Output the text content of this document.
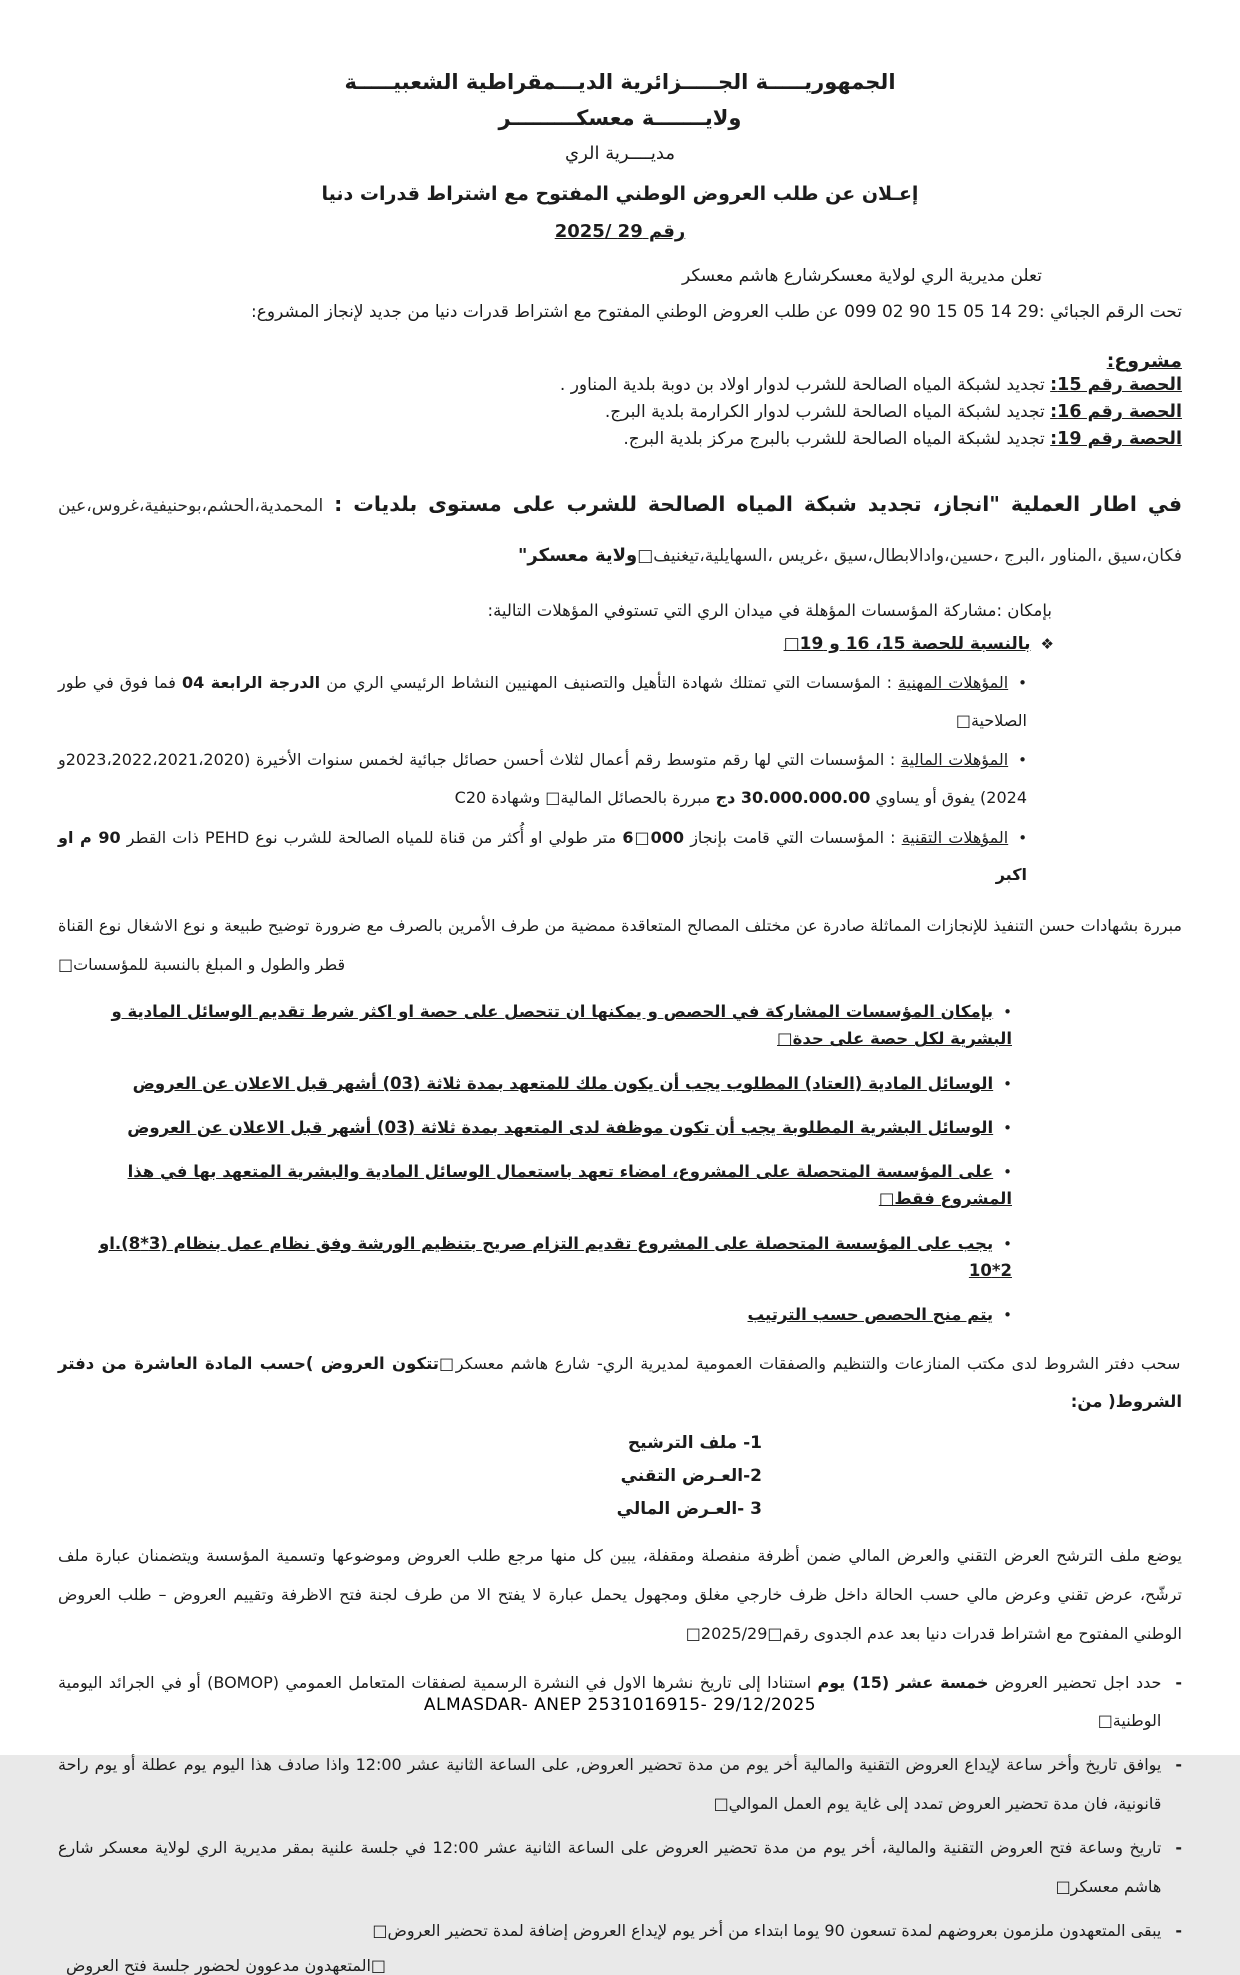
الجمهوريـــــة الجـــــزائرية الديـــمقراطية الشعبيـــــة
ولايـــــــة معسكـــــــــر
مديــــرية الري
إعـلان عن طلب العروض الوطني المفتوح مع اشتراط قدرات دنيا
رقم 29 /2025
تعلن مديرية الري لولاية معسكرشارع هاشم معسكر
تحت الرقم الجبائي :29 14 05 15 90 02 099 عن طلب العروض الوطني المفتوح مع اشتراط قدرات دنيا من جديد لإنجاز المشروع:
مشروع:
الحصة رقم 15: تجديد لشبكة المياه الصالحة للشرب لدوار اولاد بن دوبة بلدية المناور .
الحصة رقم 16: تجديد لشبكة المياه الصالحة للشرب لدوار الكرارمة بلدية البرج.
الحصة رقم 19: تجديد لشبكة المياه الصالحة للشرب بالبرج مركز بلدية البرج.

في اطار العملية "انجاز، تجديد شبكة المياه الصالحة للشرب على مستوى بلديات : المحمدية،الحشم،بوحنيفية،غروس،عين فكان،سيق ،المناور ،البرج ،حسين،وادالابطال،سيق ،غريس ،السهايلية،تيغنيف□ولاية معسكر"

بإمكان :مشاركة المؤسسات المؤهلة في ميدان الري التي تستوفي المؤهلات التالية:
❖بالنسبة للحصة 15، 16 و 19□
•المؤهلات المهنية : المؤسسات التي تمتلك شهادة التأهيل والتصنيف المهنيين النشاط الرئيسي الري من الدرجة الرابعة 04 فما فوق في طور الصلاحية□
•المؤهلات المالية : المؤسسات التي لها رقم متوسط رقم أعمال لثلاث أحسن حصائل جبائية لخمس سنوات الأخيرة (2023،2022،2021،2020و 2024) يفوق أو يساوي 30.000.000.00 دج مبررة بالحصائل المالية□ وشهادة C20
•المؤهلات التقنية : المؤسسات التي قامت بإنجاز 6‎□‎000 متر طولي او أُكثر من قناة للمياه الصالحة للشرب نوع PEHD ذات القطر 90 م او اكبر

مبررة بشهادات حسن التنفيذ للإنجازات المماثلة صادرة عن مختلف المصالح المتعاقدة ممضية من طرف الأمرين بالصرف مع ضرورة توضيح طبيعة و نوع الاشغال نوع القناة قطر والطول و المبلغ بالنسبة للمؤسسات□

•بإمكان المؤسسات المشاركة في الحصص و يمكنها ان تتحصل على حصة او اكثر شرط تقديم الوسائل المادية و البشرية لكل حصة على حدة□
•الوسائل المادية (العتاد) المطلوب يجب أن يكون ملك للمتعهد بمدة ثلاثة (03) أشهر قبل الاعلان عن العروض
•الوسائل البشرية المطلوبة يجب أن تكون موظفة لدى المتعهد بمدة ثلاثة (03) أشهر قبل الاعلان عن العروض
•على المؤسسة المتحصلة على المشروع، امضاء تعهد باستعمال الوسائل المادية والبشرية المتعهد بها في هذا المشروع فقط□
•يجب على المؤسسة المتحصلة على المشروع تقديم التزام صريح بتنظيم الورشة وفق نظام عمل بنظام (3*8).او 2*10
•يتم منح الحصص حسب الترتيب

سحب دفتر الشروط لدى مكتب المنازعات والتنظيم والصفقات العمومية لمديرية الري- شارع هاشم معسكر□تتكون العروض )حسب المادة العاشرة من دفتر الشروط( من:

1- ملف الترشيح
2-العـرض التقني
3 -العـرض المالي

يوضع ملف الترشح العرض التقني والعرض المالي ضمن أظرفة منفصلة ومقفلة، يبين كل منها مرجع طلب العروض وموضوعها وتسمية المؤسسة ويتضمنان عبارة ملف ترشّح، عرض تقني وعرض مالي حسب الحالة داخل ظرف خارجي مغلق ومجهول يحمل عبارة لا يفتح الا من طرف لجنة فتح الاظرفة وتقييم العروض – طلب العروض الوطني المفتوح مع اشتراط قدرات دنيا بعد عدم الجدوى رقم□2025/29□

-
حدد اجل تحضير العروض خمسة عشر (15) يوم استنادا إلى تاريخ نشرها الاول في النشرة الرسمية لصفقات المتعامل العمومي (BOMOP) أو في الجرائد اليومية الوطنية□
-
يوافق تاريخ وأخر ساعة لإيداع العروض التقنية والمالية أخر يوم من مدة تحضير العروض, على الساعة الثانية عشر 12:00 واذا صادف هذا اليوم يوم عطلة أو يوم راحة قانونية، فان مدة تحضير العروض تمدد إلى غاية يوم العمل الموالي□
-
تاريخ وساعة فتح العروض التقنية والمالية، أخر يوم من مدة تحضير العروض على الساعة الثانية عشر 12:00 في جلسة علنية بمقر مديرية الري لولاية معسكر شارع هاشم معسكر□
-
يبقى المتعهدون ملزمون بعروضهم لمدة تسعون 90 يوما ابتداء من أخر يوم لإيداع العروض إضافة لمدة تحضير العروض□
□المتعهدون مدعوون لحضور جلسة فتح العروض
ALMASDAR- ANEP 2531016915- 29/12/2025
